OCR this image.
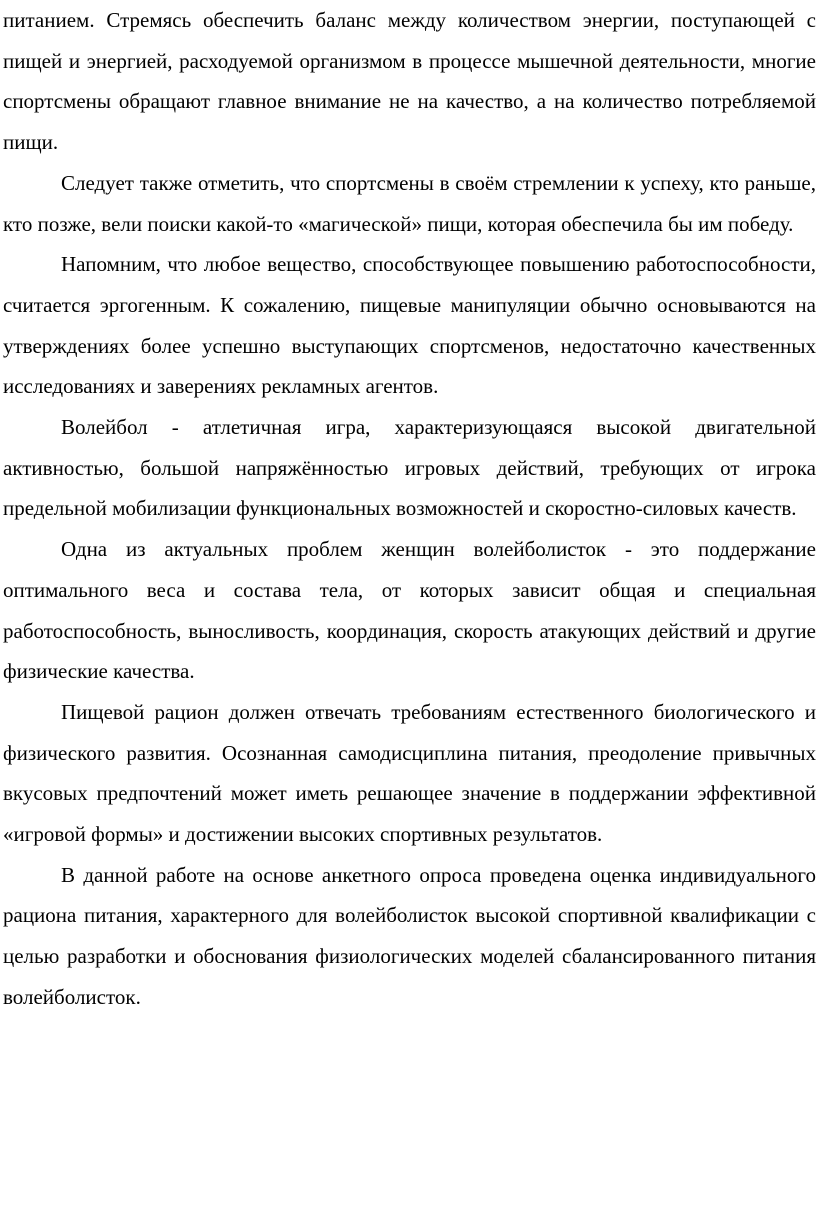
питанием. Стремясь обеспечить баланс между количеством энергии, поступающей с пищей и энергией, расходуемой организмом в процессе мышечной деятельности, многие спортсмены обращают главное внимание не на качество, а на количество потребляемой пищи.

Следует также отметить, что спортсмены в своём стремлении к успеху, кто раньше, кто позже, вели поиски какой-то «магической» пищи, которая обеспечила бы им победу.

Напомним, что любое вещество, способствующее повышению работоспособности, считается эргогенным. К сожалению, пищевые манипуляции обычно основываются на утверждениях более успешно выступающих спортсменов, недостаточно качественных исследованиях и заверениях рекламных агентов.

Волейбол - атлетичная игра, характеризующаяся высокой двигательной активностью, большой напряжённостью игровых действий, требующих от игрока предельной мобилизации функциональных возможностей и скоростно-силовых качеств.

Одна из актуальных проблем женщин волейболисток - это поддержание оптимального веса и состава тела, от которых зависит общая и специальная работоспособность, выносливость, координация, скорость атакующих действий и другие физические качества.

Пищевой рацион должен отвечать требованиям естественного биологического и физического развития. Осознанная самодисциплина питания, преодоление привычных вкусовых предпочтений может иметь решающее значение в поддержании эффективной «игровой формы» и достижении высоких спортивных результатов.

В данной работе на основе анкетного опроса проведена оценка индивидуального рациона питания, характерного для волейболисток высокой спортивной квалификации с целью разработки и обоснования физиологических моделей сбалансированного питания волейболисток.
